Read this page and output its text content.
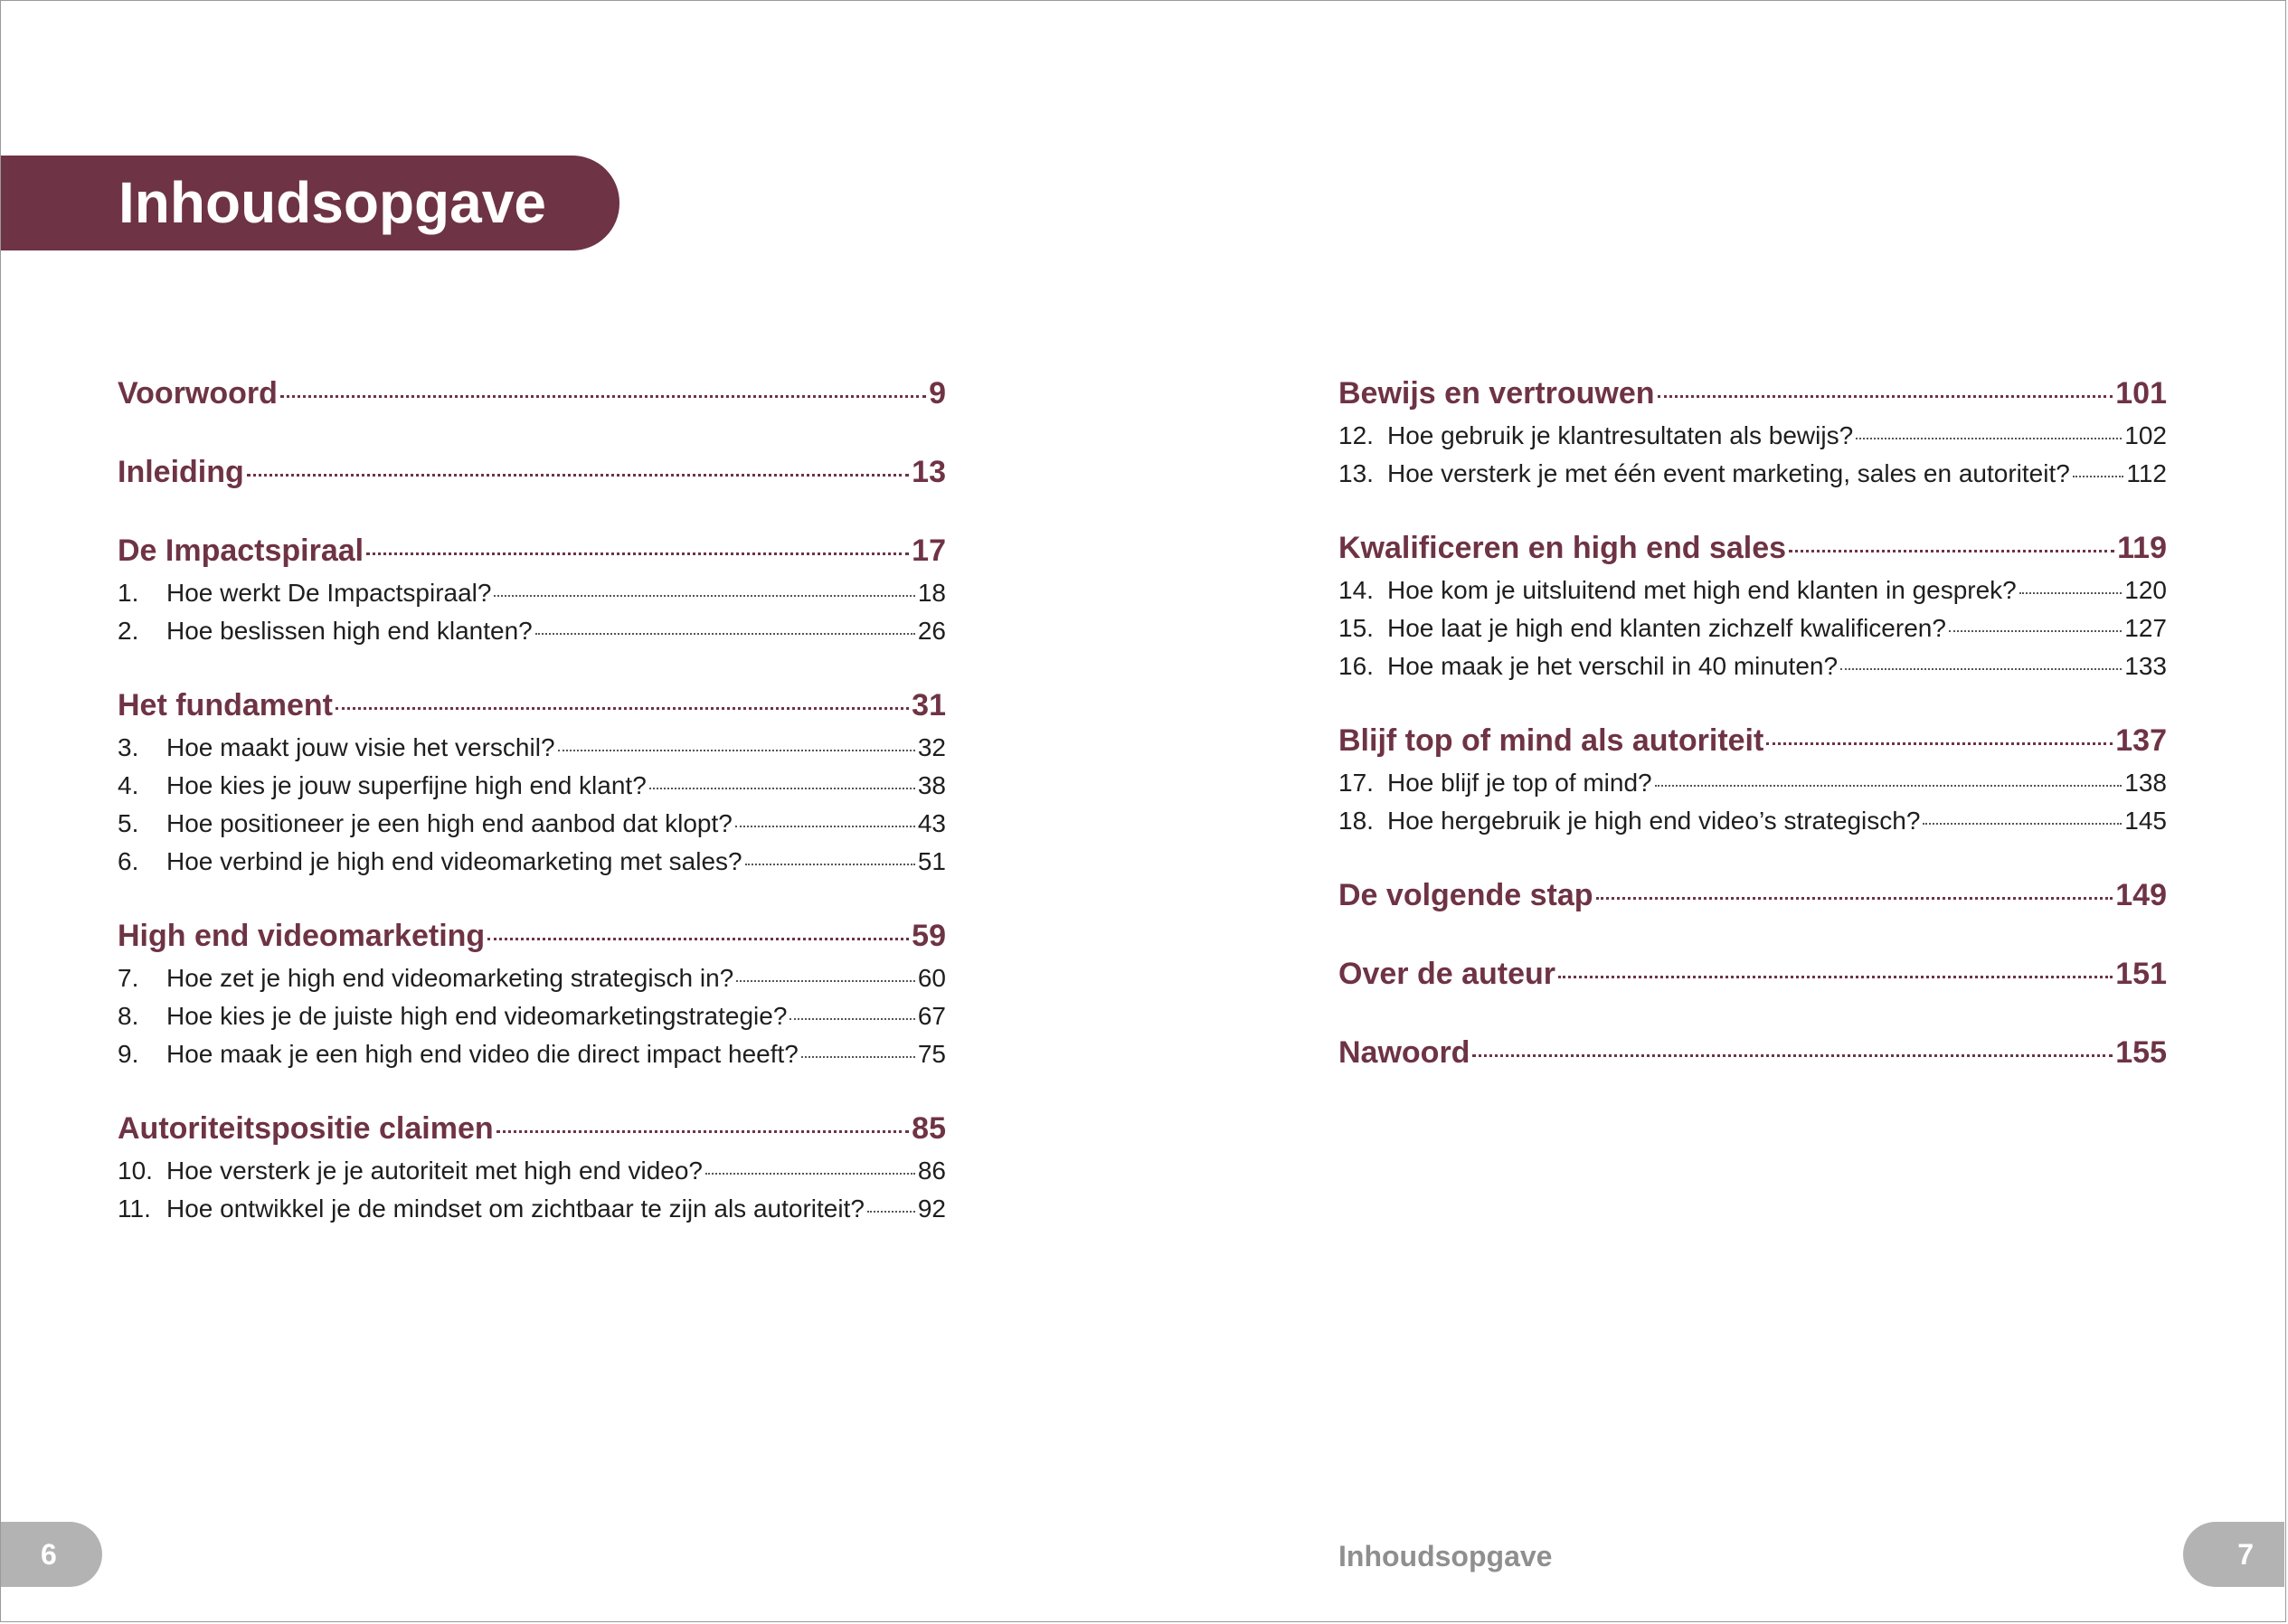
Inhoudsopgave
Voorwoord	9
Inleiding	13
De Impactspiraal	17
1.	Hoe werkt De Impactspiraal?	18
2.	Hoe beslissen high end klanten?	26
Het fundament	31
3.	Hoe maakt jouw visie het verschil?	32
4.	Hoe kies je jouw superfijne high end klant?	38
5.	Hoe positioneer je een high end aanbod dat klopt?	43
6.	Hoe verbind je high end videomarketing met sales?	51
High end videomarketing	59
7.	Hoe zet je high end videomarketing strategisch in?	60
8.	Hoe kies je de juiste high end videomarketingstrategie?	67
9.	Hoe maak je een high end video die direct impact heeft?	75
Autoriteitspositie claimen	85
10. Hoe versterk je je autoriteit met high end video?	86
11. Hoe ontwikkel je de mindset om zichtbaar te zijn als autoriteit? 92
Bewijs en vertrouwen	101
12. Hoe gebruik je klantresultaten als bewijs?	102
13. Hoe versterk je met één event marketing, sales en autoriteit? 112
Kwalificeren en high end sales	119
14. Hoe kom je uitsluitend met high end klanten in gesprek?	120
15. Hoe laat je high end klanten zichzelf kwalificeren?	127
16. Hoe maak je het verschil in 40 minuten?	133
Blijf top of mind als autoriteit	137
17. Hoe blijf je top of mind?	138
18. Hoe hergebruik je high end video’s strategisch?	145
De volgende stap	149
Over de auteur	151
Nawoord	155
6	Inhoudsopgave	7
